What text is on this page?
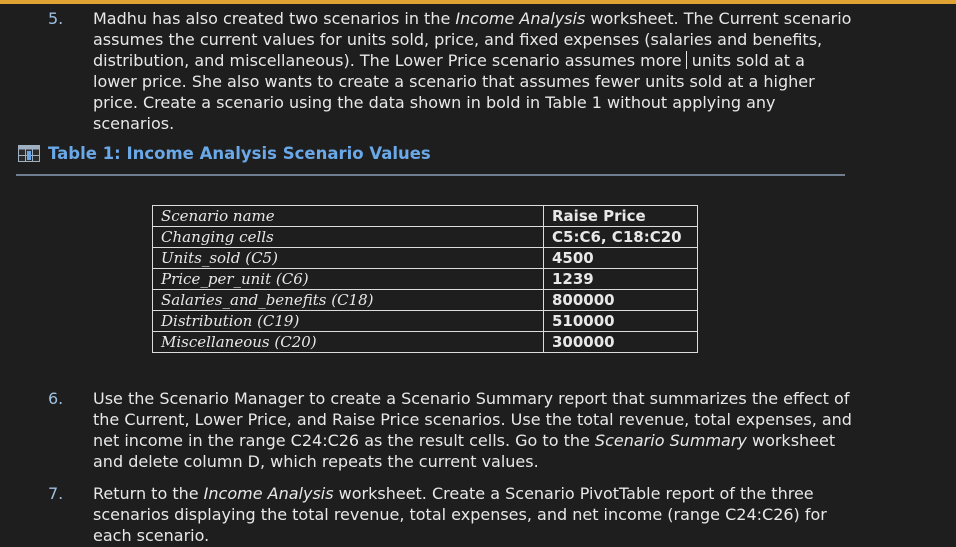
5. Madhu has also created two scenarios in the Income Analysis worksheet. The Current scenario assumes the current values for units sold, price, and fixed expenses (salaries and benefits, distribution, and miscellaneous). The Lower Price scenario assumes more units sold at a lower price. She also wants to create a scenario that assumes fewer units sold at a higher price. Create a scenario using the data shown in bold in Table 1 without applying any scenarios.
Table 1: Income Analysis Scenario Values
Scenario name	Raise Price
Changing cells	C5:C6, C18:C20
Units_sold (C5)	4500
Price_per_unit (C6)	1239
Salaries_and_benefits (C18)	800000
Distribution (C19)	510000
Miscellaneous (C20)	300000
6. Use the Scenario Manager to create a Scenario Summary report that summarizes the effect of the Current, Lower Price, and Raise Price scenarios. Use the total revenue, total expenses, and net income in the range C24:C26 as the result cells. Go to the Scenario Summary worksheet and delete column D, which repeats the current values.
7. Return to the Income Analysis worksheet. Create a Scenario PivotTable report of the three scenarios displaying the total revenue, total expenses, and net income (range C24:C26) for each scenario.
